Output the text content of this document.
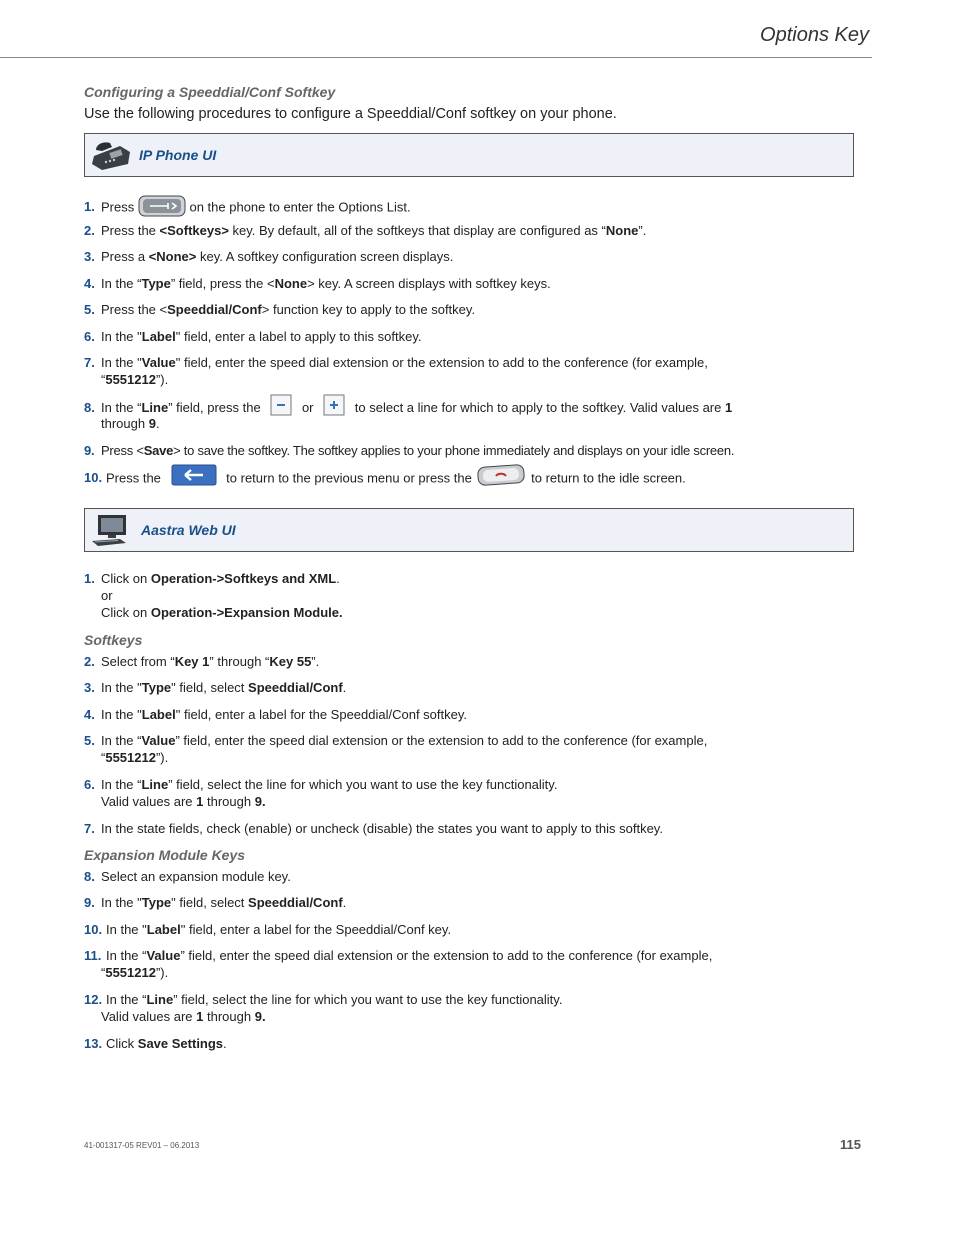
Options Key
Configuring a Speeddial/Conf Softkey
Use the following procedures to configure a Speeddial/Conf softkey on your phone.
IP Phone UI
1. Press	on the phone to enter the Options List.
2. Press the <Softkeys> key. By default, all of the softkeys that display are configured as “None”.
3. Press a <None> key. A softkey configuration screen displays.
4. In the “Type” field, press the <None> key. A screen displays with softkey keys.
5. Press the <Speeddial/Conf> function key to apply to the softkey.
6. In the "Label" field, enter a label to apply to this softkey.
7. In the "Value" field, enter the speed dial extension or the extension to add to the conference (for example,
“5551212”).
8. In the “Line” field, press the	or	to select a line for which to apply to the softkey. Valid values are 1
through 9.
9. Press <Save> to save the softkey. The softkey applies to your phone immediately and displays on your idle screen.
10. Press the	to return to the previous menu or press the	to return to the idle screen.
Aastra Web UI
1. Click on Operation->Softkeys and XML.
or
Click on Operation->Expansion Module.
Softkeys
2. Select from “Key 1” through “Key 55”.
3. In the "Type" field, select Speeddial/Conf.
4. In the "Label" field, enter a label for the Speeddial/Conf softkey.
5. In the “Value” field, enter the speed dial extension or the extension to add to the conference (for example,
“5551212”).
6. In the “Line” field, select the line for which you want to use the key functionality.
Valid values are 1 through 9.
7. In the state fields, check (enable) or uncheck (disable) the states you want to apply to this softkey.
Expansion Module Keys
8. Select an expansion module key.
9. In the "Type" field, select Speeddial/Conf.
10. In the "Label" field, enter a label for the Speeddial/Conf key.
11. In the “Value” field, enter the speed dial extension or the extension to add to the conference (for example,
“5551212”).
12. In the “Line” field, select the line for which you want to use the key functionality.
Valid values are 1 through 9.
13. Click Save Settings.
41-001317-05 REV01 – 06.2013	115
